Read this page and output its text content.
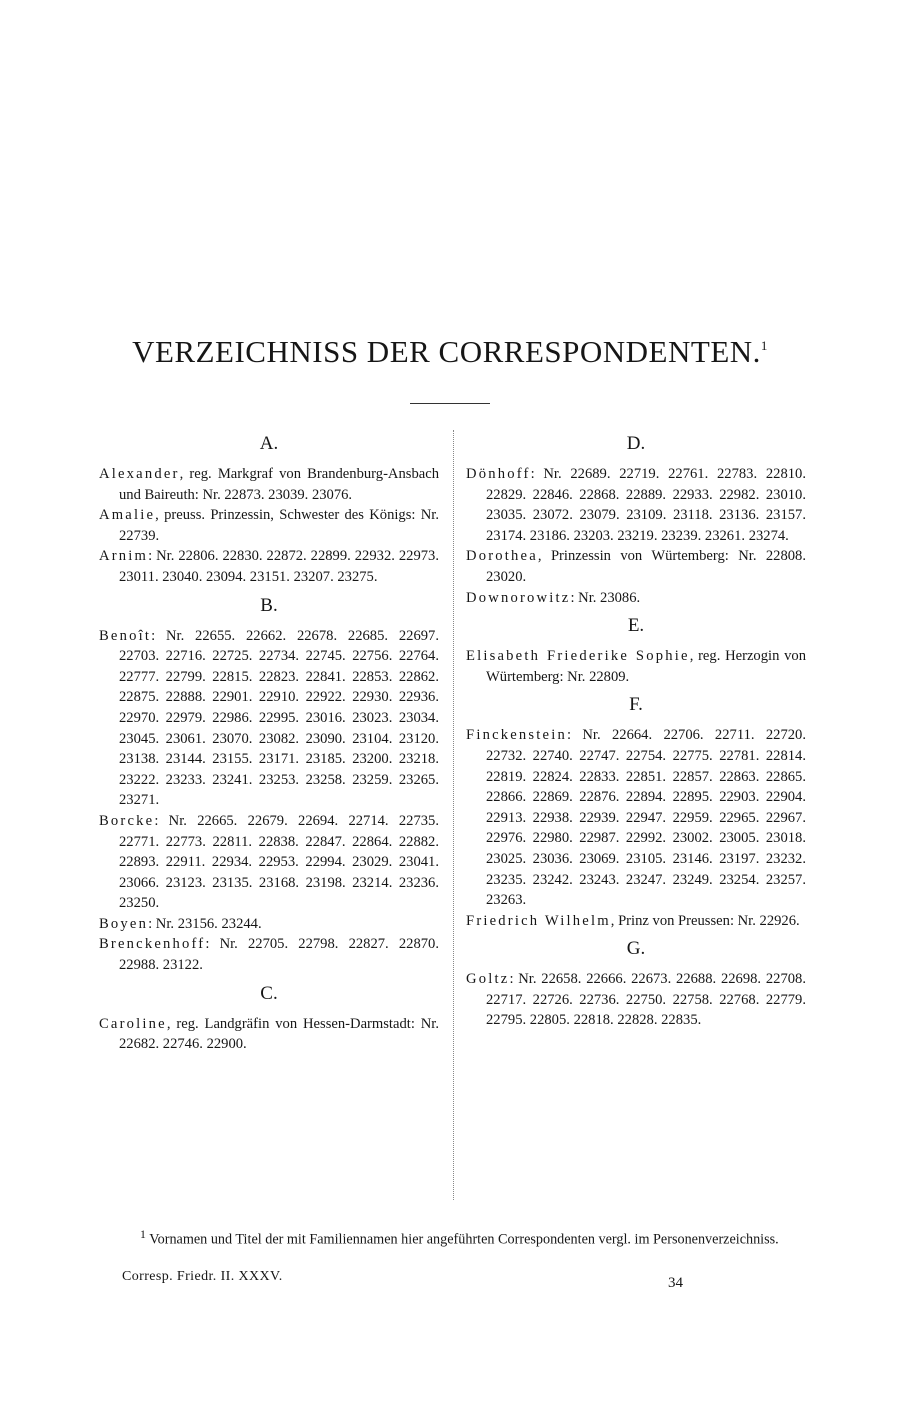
VERZEICHNISS DER CORRESPONDENTEN.$^1$
A.
Alexander, reg. Markgraf von Brandenburg-Ansbach und Baireuth: Nr. 22873. 23039. 23076.
Amalie, preuss. Prinzessin, Schwester des Königs: Nr. 22739.
Arnim: Nr. 22806. 22830. 22872. 22899. 22932. 22973. 23011. 23040. 23094. 23151. 23207. 23275.
B.
Benoît: Nr. 22655. 22662. 22678. 22685. 22697. 22703. 22716. 22725. 22734. 22745. 22756. 22764. 22777. 22799. 22815. 22823. 22841. 22853. 22862. 22875. 22888. 22901. 22910. 22922. 22930. 22936. 22970. 22979. 22986. 22995. 23016. 23023. 23034. 23045. 23061. 23070. 23082. 23090. 23104. 23120. 23138. 23144. 23155. 23171. 23185. 23200. 23218. 23222. 23233. 23241. 23253. 23258. 23259. 23265. 23271.
Borcke: Nr. 22665. 22679. 22694. 22714. 22735. 22771. 22773. 22811. 22838. 22847. 22864. 22882. 22893. 22911. 22934. 22953. 22994. 23029. 23041. 23066. 23123. 23135. 23168. 23198. 23214. 23236. 23250.
Boyen: Nr. 23156. 23244.
Brenckenhoff: Nr. 22705. 22798. 22827. 22870. 22988. 23122.
C.
Caroline, reg. Landgräfin von Hessen-Darmstadt: Nr. 22682. 22746. 22900.
D.
Dönhoff: Nr. 22689. 22719. 22761. 22783. 22810. 22829. 22846. 22868. 22889. 22933. 22982. 23010. 23035. 23072. 23079. 23109. 23118. 23136. 23157. 23174. 23186. 23203. 23219. 23239. 23261. 23274.
Dorothea, Prinzessin von Würtemberg: Nr. 22808. 23020.
Downorowitz: Nr. 23086.
E.
Elisabeth Friederike Sophie, reg. Herzogin von Würtemberg: Nr. 22809.
F.
Finckenstein: Nr. 22664. 22706. 22711. 22720. 22732. 22740. 22747. 22754. 22775. 22781. 22814. 22819. 22824. 22833. 22851. 22857. 22863. 22865. 22866. 22869. 22876. 22894. 22895. 22903. 22904. 22913. 22938. 22939. 22947. 22959. 22965. 22967. 22976. 22980. 22987. 22992. 23002. 23005. 23018. 23025. 23036. 23069. 23105. 23146. 23197. 23232. 23235. 23242. 23243. 23247. 23249. 23254. 23257. 23263.
Friedrich Wilhelm, Prinz von Preussen: Nr. 22926.
G.
Goltz: Nr. 22658. 22666. 22673. 22688. 22698. 22708. 22717. 22726. 22736. 22750. 22758. 22768. 22779. 22795. 22805. 22818. 22828. 22835.
$^1$ Vornamen und Titel der mit Familiennamen hier angeführten Correspondenten vergl. im Personenverzeichniss.
Corresp. Friedr. II. XXXV.	34
